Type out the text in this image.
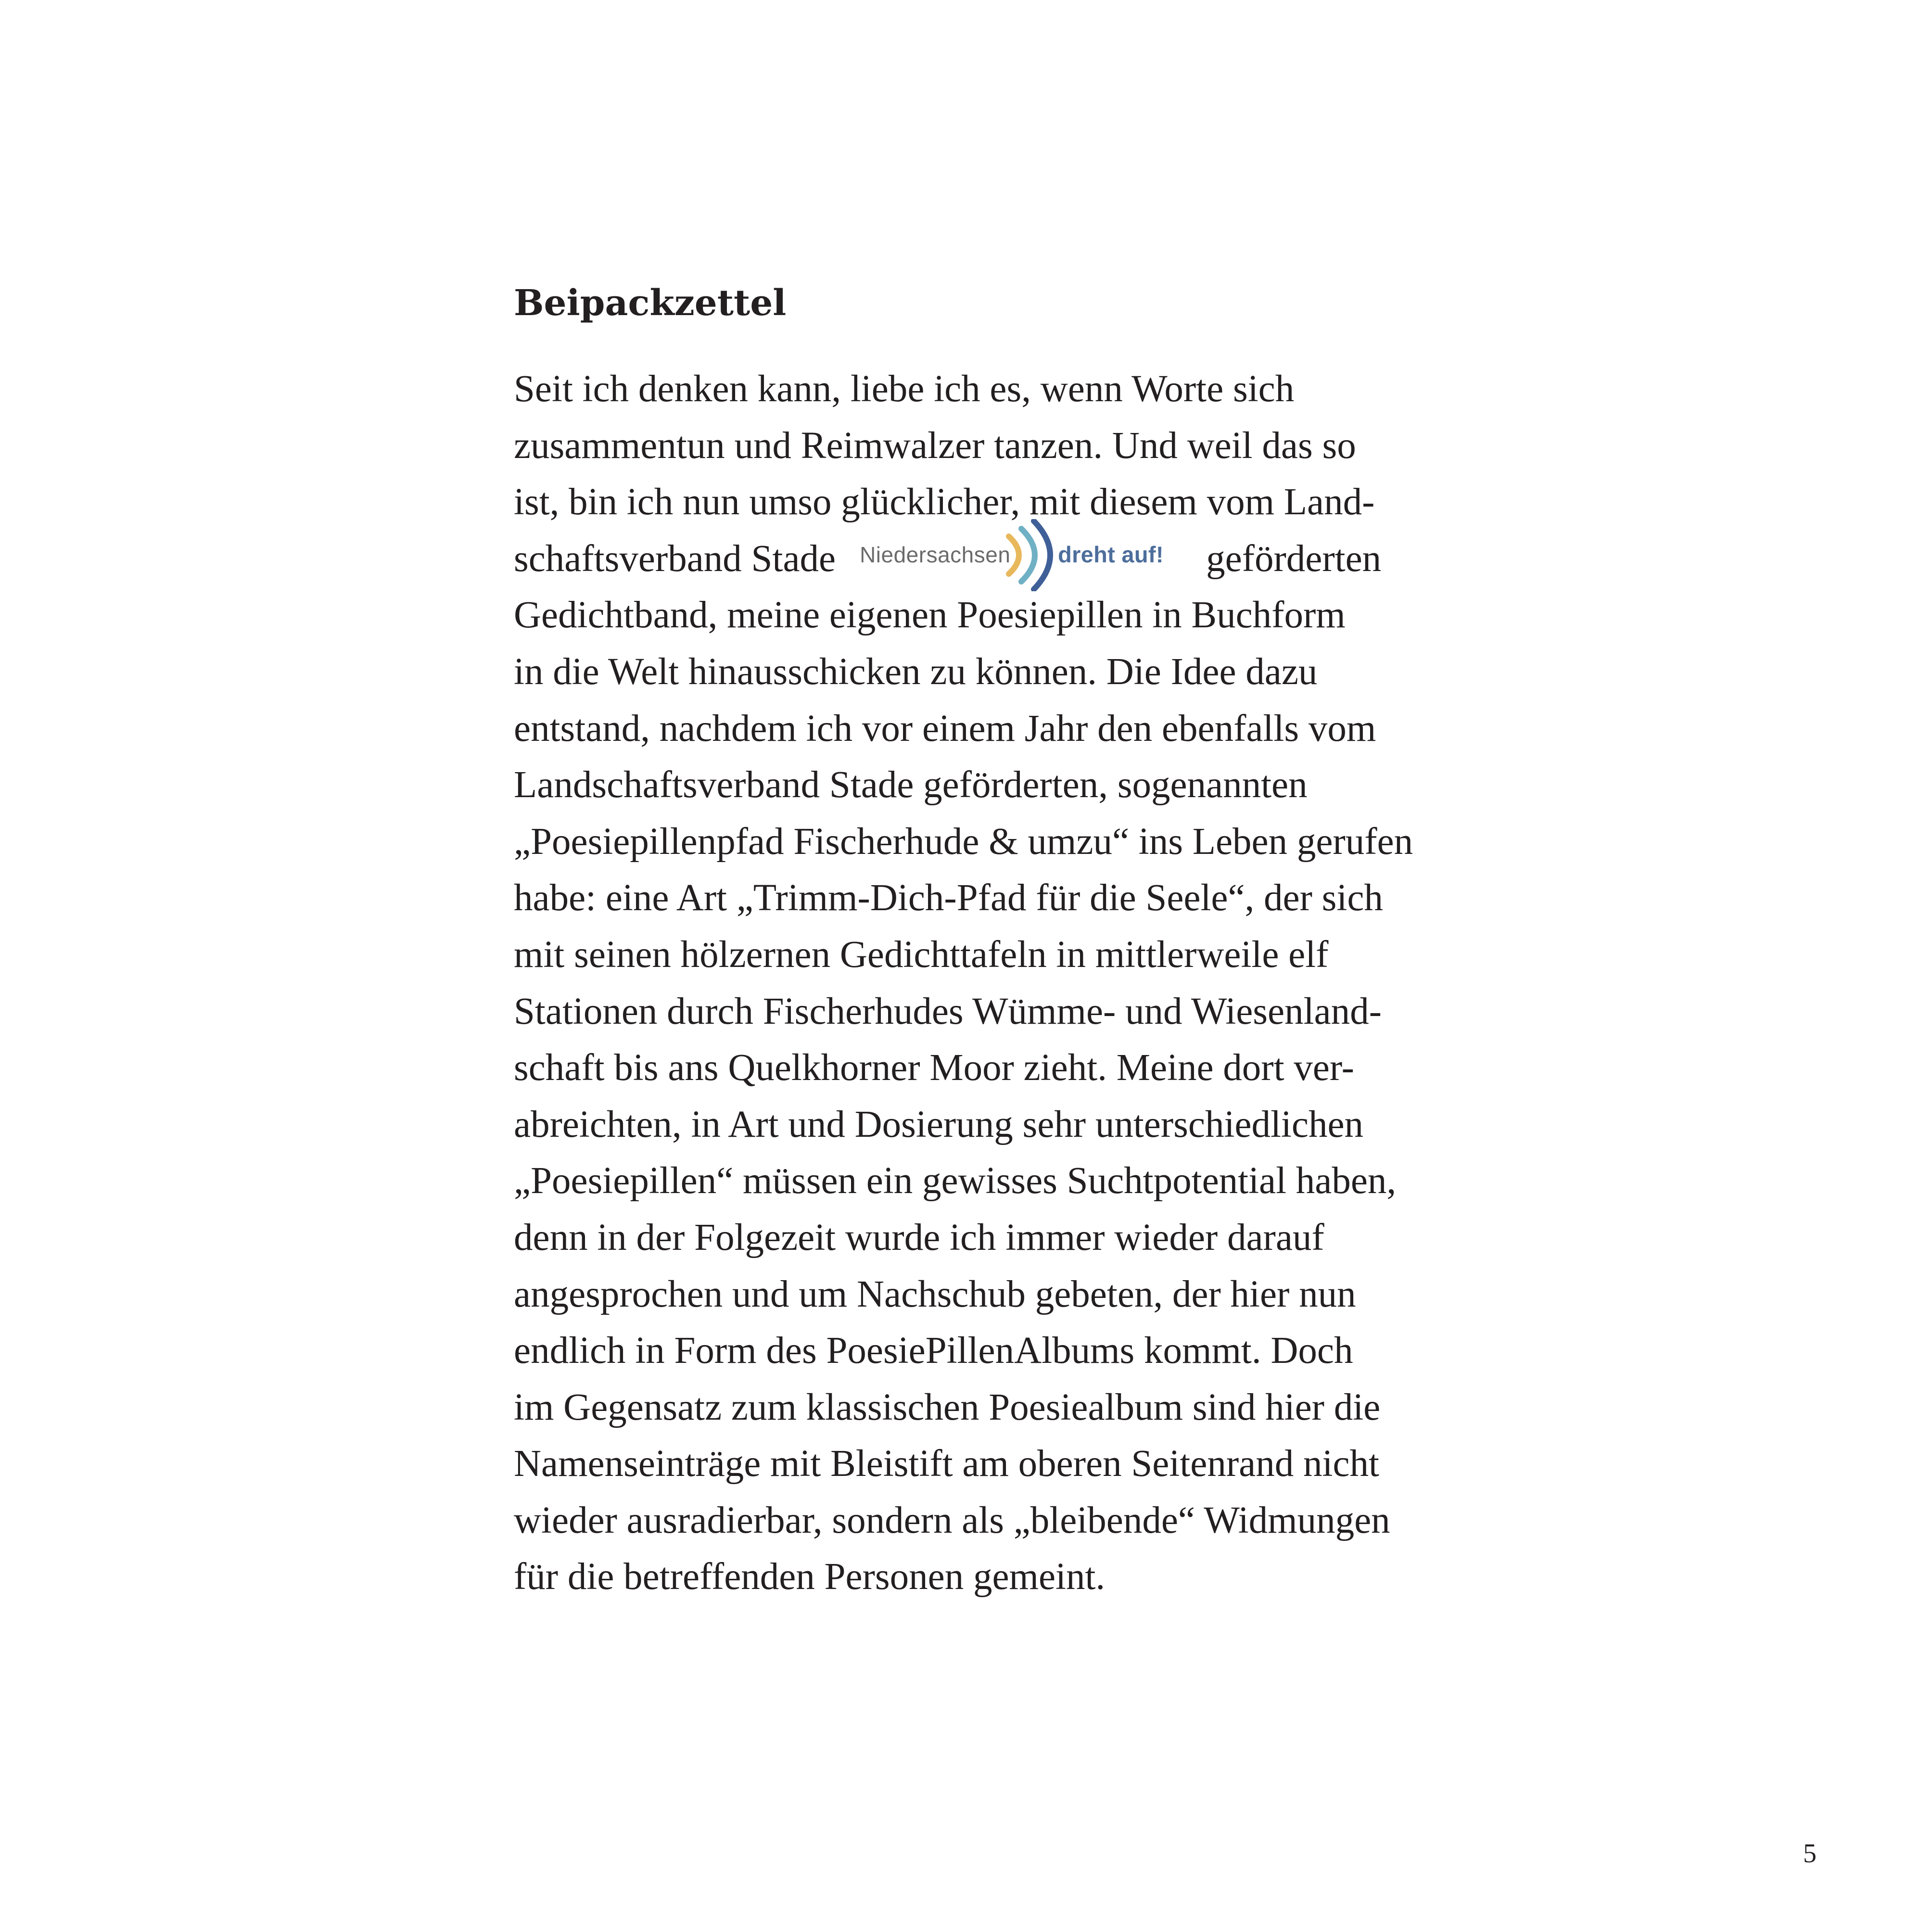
Beipackzettel
Seit ich denken kann, liebe ich es, wenn Worte sich
zusammentun und Reimwalzer tanzen. Und weil das so
ist, bin ich nun umso glücklicher, mit diesem vom Land-
schaftsverband Stade Niedersachsen dreht auf! geförderten
Gedichtband, meine eigenen Poesiepillen in Buchform
in die Welt hinausschicken zu können. Die Idee dazu
entstand, nachdem ich vor einem Jahr den ebenfalls vom
Landschaftsverband Stade geförderten, sogenannten
„Poesiepillenpfad Fischerhude & umzu“ ins Leben gerufen
habe: eine Art „Trimm-Dich-Pfad für die Seele“, der sich
mit seinen hölzernen Gedichttafeln in mittlerweile elf
Stationen durch Fischerhudes Wümme- und Wiesenland-
schaft bis ans Quelkhorner Moor zieht. Meine dort ver-
abreichten, in Art und Dosierung sehr unterschiedlichen
„Poesiepillen“ müssen ein gewisses Suchtpotential haben,
denn in der Folgezeit wurde ich immer wieder darauf
angesprochen und um Nachschub gebeten, der hier nun
endlich in Form des PoesiePillenAlbums kommt. Doch
im Gegensatz zum klassischen Poesiealbum sind hier die
Namenseinträge mit Bleistift am oberen Seitenrand nicht
wieder ausradierbar, sondern als „bleibende“ Widmungen
für die betreffenden Personen gemeint.
5
